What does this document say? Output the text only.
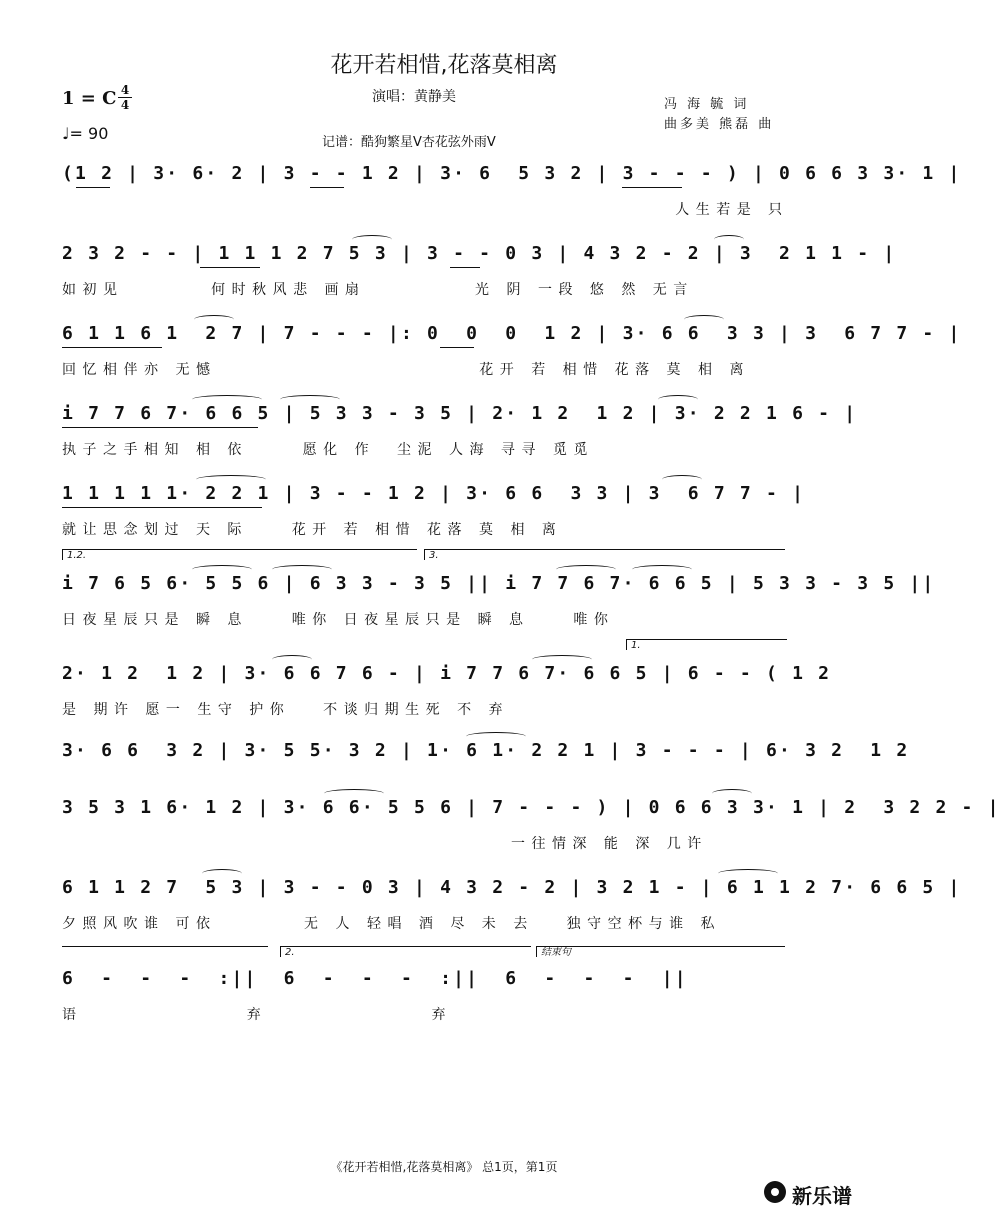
花开若相惜,花落莫相离
1 = C 4
4
♩= 90
演唱：黄静美
记谱：酷狗繁星V杏花弦外雨V
冯 海 毓 词
曲多美 熊磊 曲
(1 2 | 3· 6· 2 | 3 - - 1 2 | 3· 6  5 3 2 | 3 - - - ) | 0 6 6 3 3· 1 |
人生若是 只
2 3 2 - - | 1 1 1 2 7 5 3 | 3 - - 0 3 | 4 3 2 - 2 | 3  2 1 1 - |
如初见        何时秋风悲 画扇          光 阴 一段 悠 然 无言
6 1 1 6 1  2 7 | 7 - - - |: 0  0  0  1 2 | 3· 6 6  3 3 | 3  6 7 7 - |
回忆相伴亦 无憾                        花开 若 相惜 花落 莫 相 离
i 7 7 6 7· 6 6 5 | 5 3 3 - 3 5 | 2· 1 2  1 2 | 3· 2 2 1 6 - |
执子之手相知 相 依     愿化 作  尘泥 人海 寻寻 觅觅
1 1 1 1 1· 2 2 1 | 3 - - 1 2 | 3· 6 6  3 3 | 3  6 7 7 - |
就让思念划过 天 际    花开 若 相惜 花落 莫 相 离
1.2.	3.
i 7 6 5 6· 5 5 6 | 6 3 3 - 3 5 || i 7 7 6 7· 6 6 5 | 5 3 3 - 3 5 ||
日夜星辰只是 瞬 息    唯你 日夜星辰只是 瞬 息    唯你
1.
2· 1 2  1 2 | 3· 6 6 7 6 - | i 7 7 6 7· 6 6 5 | 6 - - ( 1 2
是 期许 愿一 生守 护你   不谈归期生死 不 弃
3· 6 6  3 2 | 3· 5 5· 3 2 | 1· 6 1· 2 2 1 | 3 - - - | 6· 3 2  1 2
3 5 3 1 6· 1 2 | 3· 6 6· 5 5 6 | 7 - - - ) | 0 6 6 3 3· 1 | 2  3 2 2 - |
一往情深 能 深 几许
6 1 1 2 7  5 3 | 3 - - 0 3 | 4 3 2 - 2 | 3 2 1 - | 6 1 1 2 7· 6 6 5 |
夕照风吹谁 可依        无 人 轻唱 酒 尽 未 去   独守空杯与谁 私
2.	结束句
6  -  -  -  :||  6  -  -  -  :||  6  -  -  -  ||
语               弃               弃
《花开若相惜,花落莫相离》 总1页，第1页
新乐谱
